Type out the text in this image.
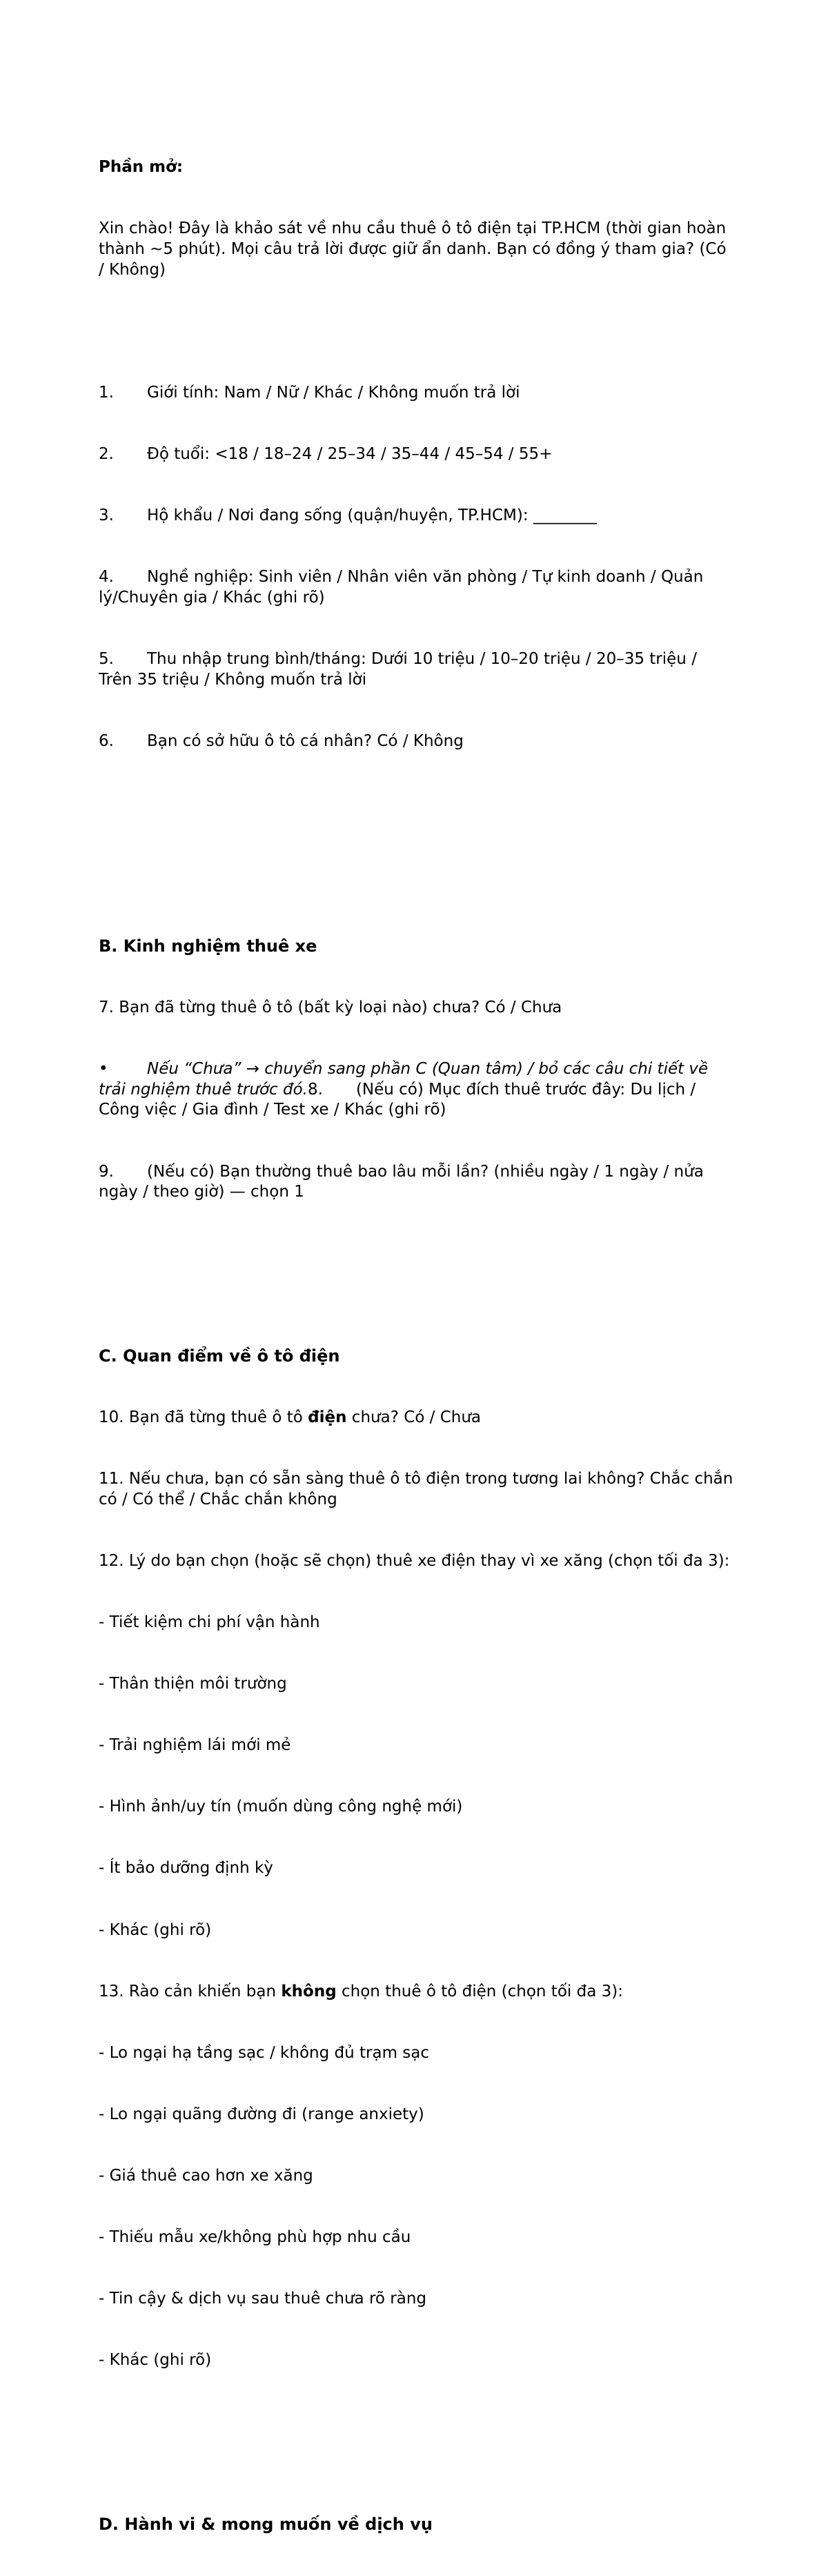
Phần mở:

Xin chào! Đây là khảo sát về nhu cầu thuê ô tô điện tại TP.HCM (thời gian hoàn thành ~5 phút). Mọi câu trả lời được giữ ẩn danh. Bạn có đồng ý tham gia? (Có / Không)

1. Giới tính: Nam / Nữ / Khác / Không muốn trả lời

2. Độ tuổi: <18 / 18–24 / 25–34 / 35–44 / 45–54 / 55+

3. Hộ khẩu / Nơi đang sống (quận/huyện, TP.HCM): ________

4. Nghề nghiệp: Sinh viên / Nhân viên văn phòng / Tự kinh doanh / Quản lý/Chuyên gia / Khác (ghi rõ)

5. Thu nhập trung bình/tháng: Dưới 10 triệu / 10–20 triệu / 20–35 triệu / Trên 35 triệu / Không muốn trả lời

6. Bạn có sở hữu ô tô cá nhân? Có / Không

B. Kinh nghiệm thuê xe

7. Bạn đã từng thuê ô tô (bất kỳ loại nào) chưa? Có / Chưa

• Nếu “Chưa” → chuyển sang phần C (Quan tâm) / bỏ các câu chi tiết về trải nghiệm thuê trước đó.8. (Nếu có) Mục đích thuê trước đây: Du lịch / Công việc / Gia đình / Test xe / Khác (ghi rõ)

9. (Nếu có) Bạn thường thuê bao lâu mỗi lần? (nhiều ngày / 1 ngày / nửa ngày / theo giờ) — chọn 1

C. Quan điểm về ô tô điện

10. Bạn đã từng thuê ô tô điện chưa? Có / Chưa

11. Nếu chưa, bạn có sẵn sàng thuê ô tô điện trong tương lai không? Chắc chắn có / Có thể / Chắc chắn không

12. Lý do bạn chọn (hoặc sẽ chọn) thuê xe điện thay vì xe xăng (chọn tối đa 3):

- Tiết kiệm chi phí vận hành

- Thân thiện môi trường

- Trải nghiệm lái mới mẻ

- Hình ảnh/uy tín (muốn dùng công nghệ mới)

- Ít bảo dưỡng định kỳ

- Khác (ghi rõ)

13. Rào cản khiến bạn không chọn thuê ô tô điện (chọn tối đa 3):

- Lo ngại hạ tầng sạc / không đủ trạm sạc

- Lo ngại quãng đường đi (range anxiety)

- Giá thuê cao hơn xe xăng

- Thiếu mẫu xe/không phù hợp nhu cầu

- Tin cậy & dịch vụ sau thuê chưa rõ ràng

- Khác (ghi rõ)

D. Hành vi & mong muốn về dịch vụ
